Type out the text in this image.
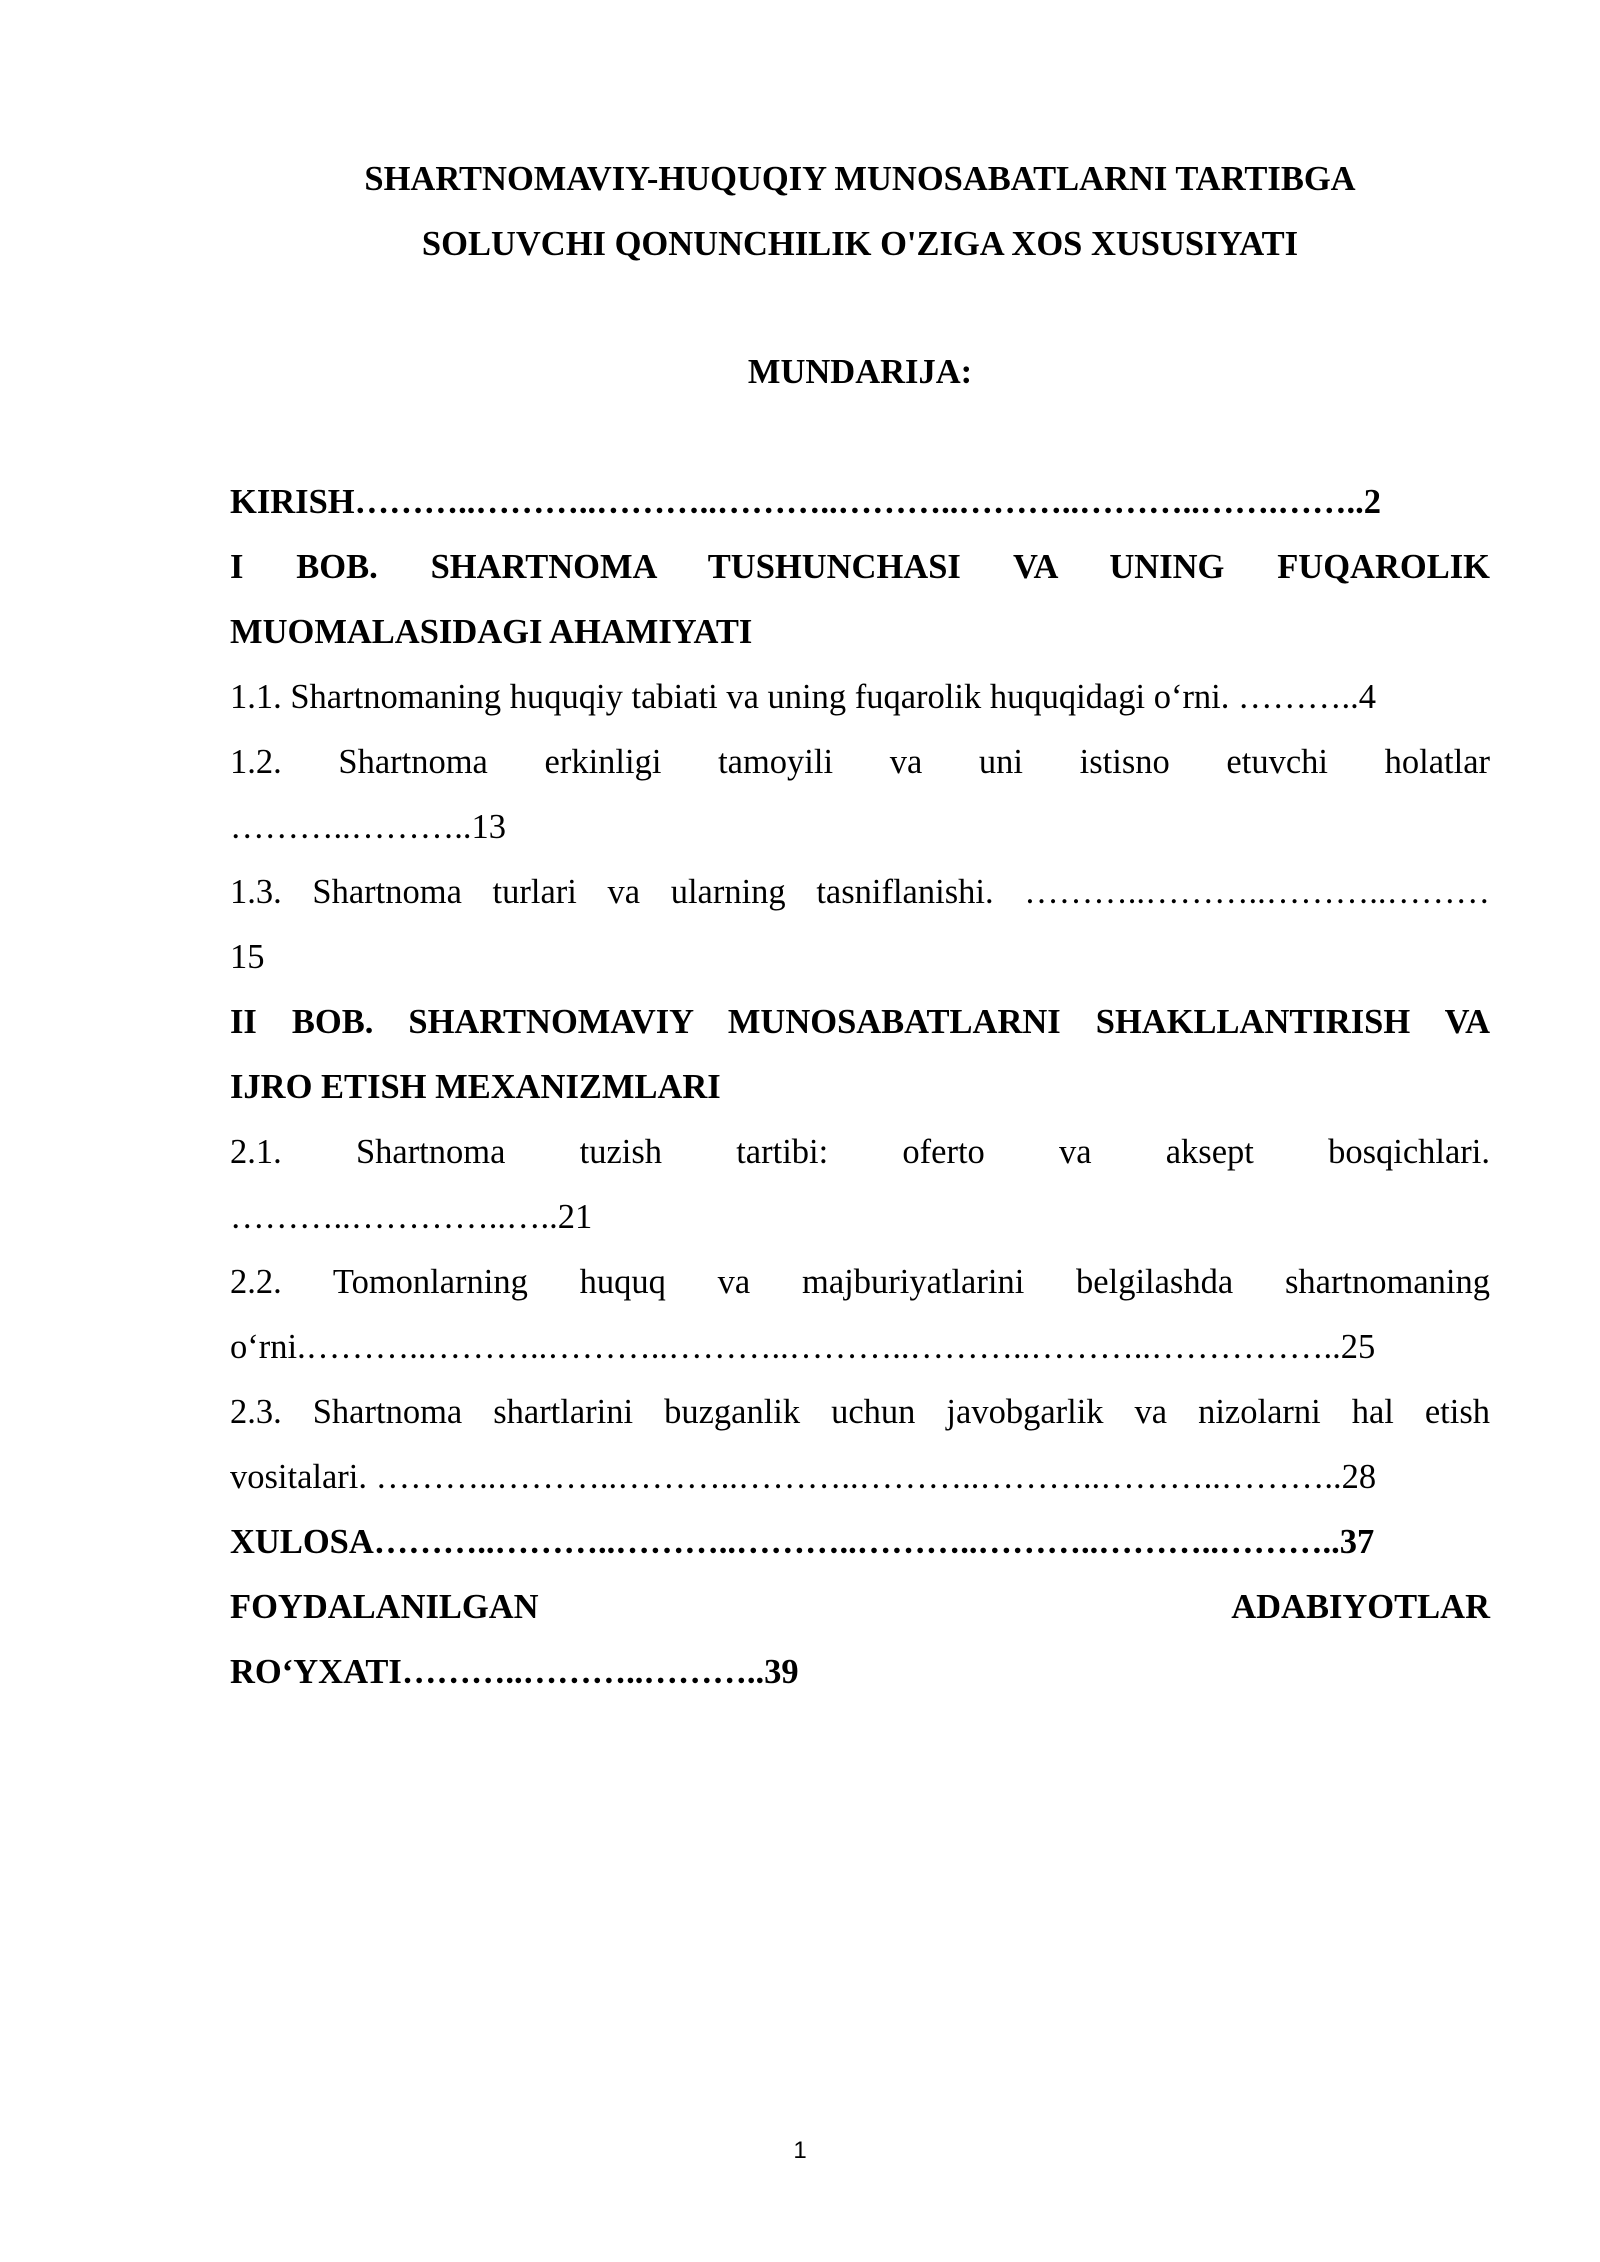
SHARTNOMAVIY-HUQUQIY MUNOSABATLARNI TARTIBGA
SOLUVCHI QONUNCHILIK O'ZIGA XOS XUSUSIYATI
MUNDARIJA:

KIRISH………..………..………..………..………..………..………..…….……..2

I BOB. SHARTNOMA TUSHUNCHASI VA UNING FUQAROLIK

MUOMALASIDAGI AHAMIYATI

1.1. Shartnomaning huquqiy tabiati va uning fuqarolik huquqidagi o‘rni. ………..4

1.2. Shartnoma erkinligi tamoyili va uni istisno etuvchi holatlar

………..………..13

1.3. Shartnoma turlari va ularning tasniflanishi. ………..………..………..………

15

II BOB. SHARTNOMAVIY MUNOSABATLARNI SHAKLLANTIRISH VA

IJRO ETISH MEXANIZMLARI

2.1. Shartnoma tuzish tartibi: oferto va aksept bosqichlari.

………..…………..…..21

2.2. Tomonlarning huquq va majburiyatlarini belgilashda shartnomaning

o‘rni.………..………..………..………..………..………..………..……………..25

2.3. Shartnoma shartlarini buzganlik uchun javobgarlik va nizolarni hal etish

vositalari. ………..………..………..………..………..………..………..………..28

XULOSA………..………..………..………..………..………..………..………..37

FOYDALANILGAN ADABIYOTLAR

RO‘YXATI………..………..………..39

1
